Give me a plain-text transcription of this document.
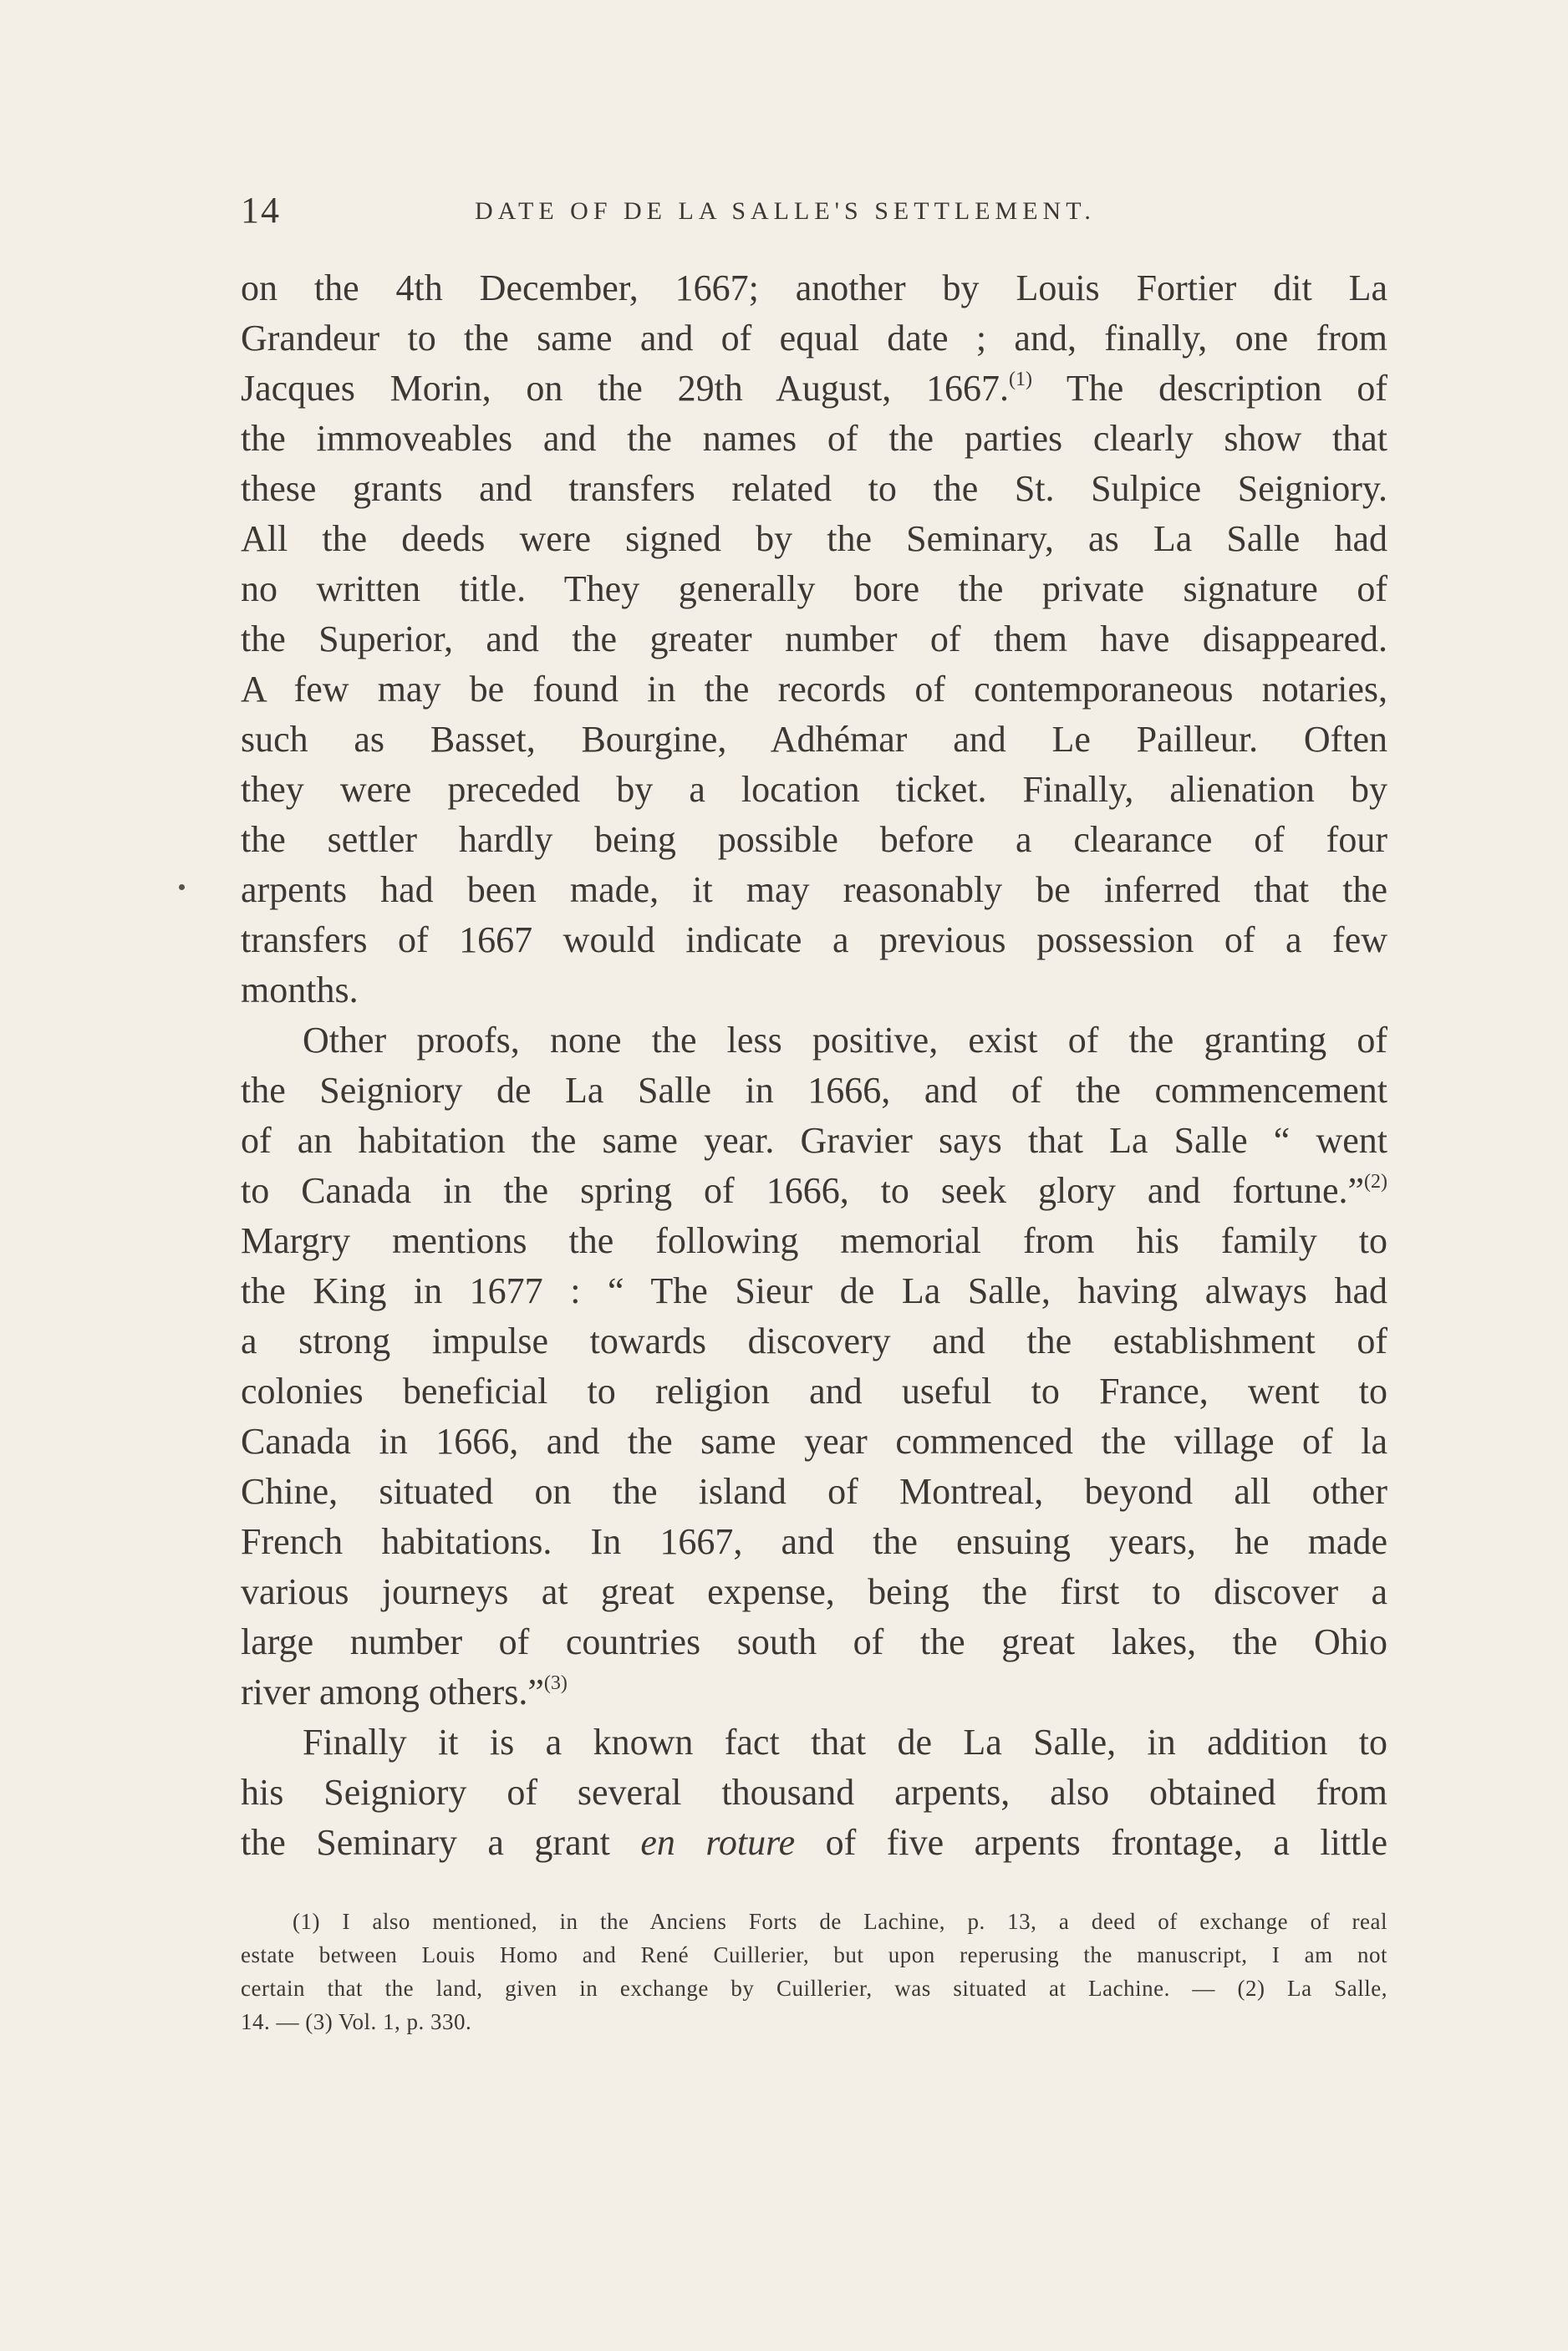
14	DATE OF DE LA SALLE'S SETTLEMENT.
on the 4th December, 1667; another by Louis Fortier dit La
Grandeur to the same and of equal date ; and, finally, one from
Jacques Morin, on the 29th August, 1667.$^{(1)}$ The description of
the immoveables and the names of the parties clearly show that
these grants and transfers related to the St. Sulpice Seigniory.
All the deeds were signed by the Seminary, as La Salle had
no written title. They generally bore the private signature of
the Superior, and the greater number of them have disappeared.
A few may be found in the records of contemporaneous notaries,
such as Basset, Bourgine, Adhémar and Le Pailleur. Often
they were preceded by a location ticket. Finally, alienation by
the settler hardly being possible before a clearance of four
arpents had been made, it may reasonably be inferred that the
transfers of 1667 would indicate a previous possession of a few
months.
Other proofs, none the less positive, exist of the granting of
the Seigniory de La Salle in 1666, and of the commencement
of an habitation the same year. Gravier says that La Salle “ went
to Canada in the spring of 1666, to seek glory and fortune.”$^{(2)}$
Margry mentions the following memorial from his family to
the King in 1677 : “ The Sieur de La Salle, having always had
a strong impulse towards discovery and the establishment of
colonies beneficial to religion and useful to France, went to
Canada in 1666, and the same year commenced the village of la
Chine, situated on the island of Montreal, beyond all other
French habitations. In 1667, and the ensuing years, he made
various journeys at great expense, being the first to discover a
large number of countries south of the great lakes, the Ohio
river among others.”$^{(3)}$
Finally it is a known fact that de La Salle, in addition to
his Seigniory of several thousand arpents, also obtained from
the Seminary a grant en roture of five arpents frontage, a little
(1) I also mentioned, in the Anciens Forts de Lachine, p. 13, a deed of exchange of real
estate between Louis Homo and René Cuillerier, but upon reperusing the manuscript, I am not
certain that the land, given in exchange by Cuillerier, was situated at Lachine. — (2) La Salle,
14. — (3) Vol. 1, p. 330.
